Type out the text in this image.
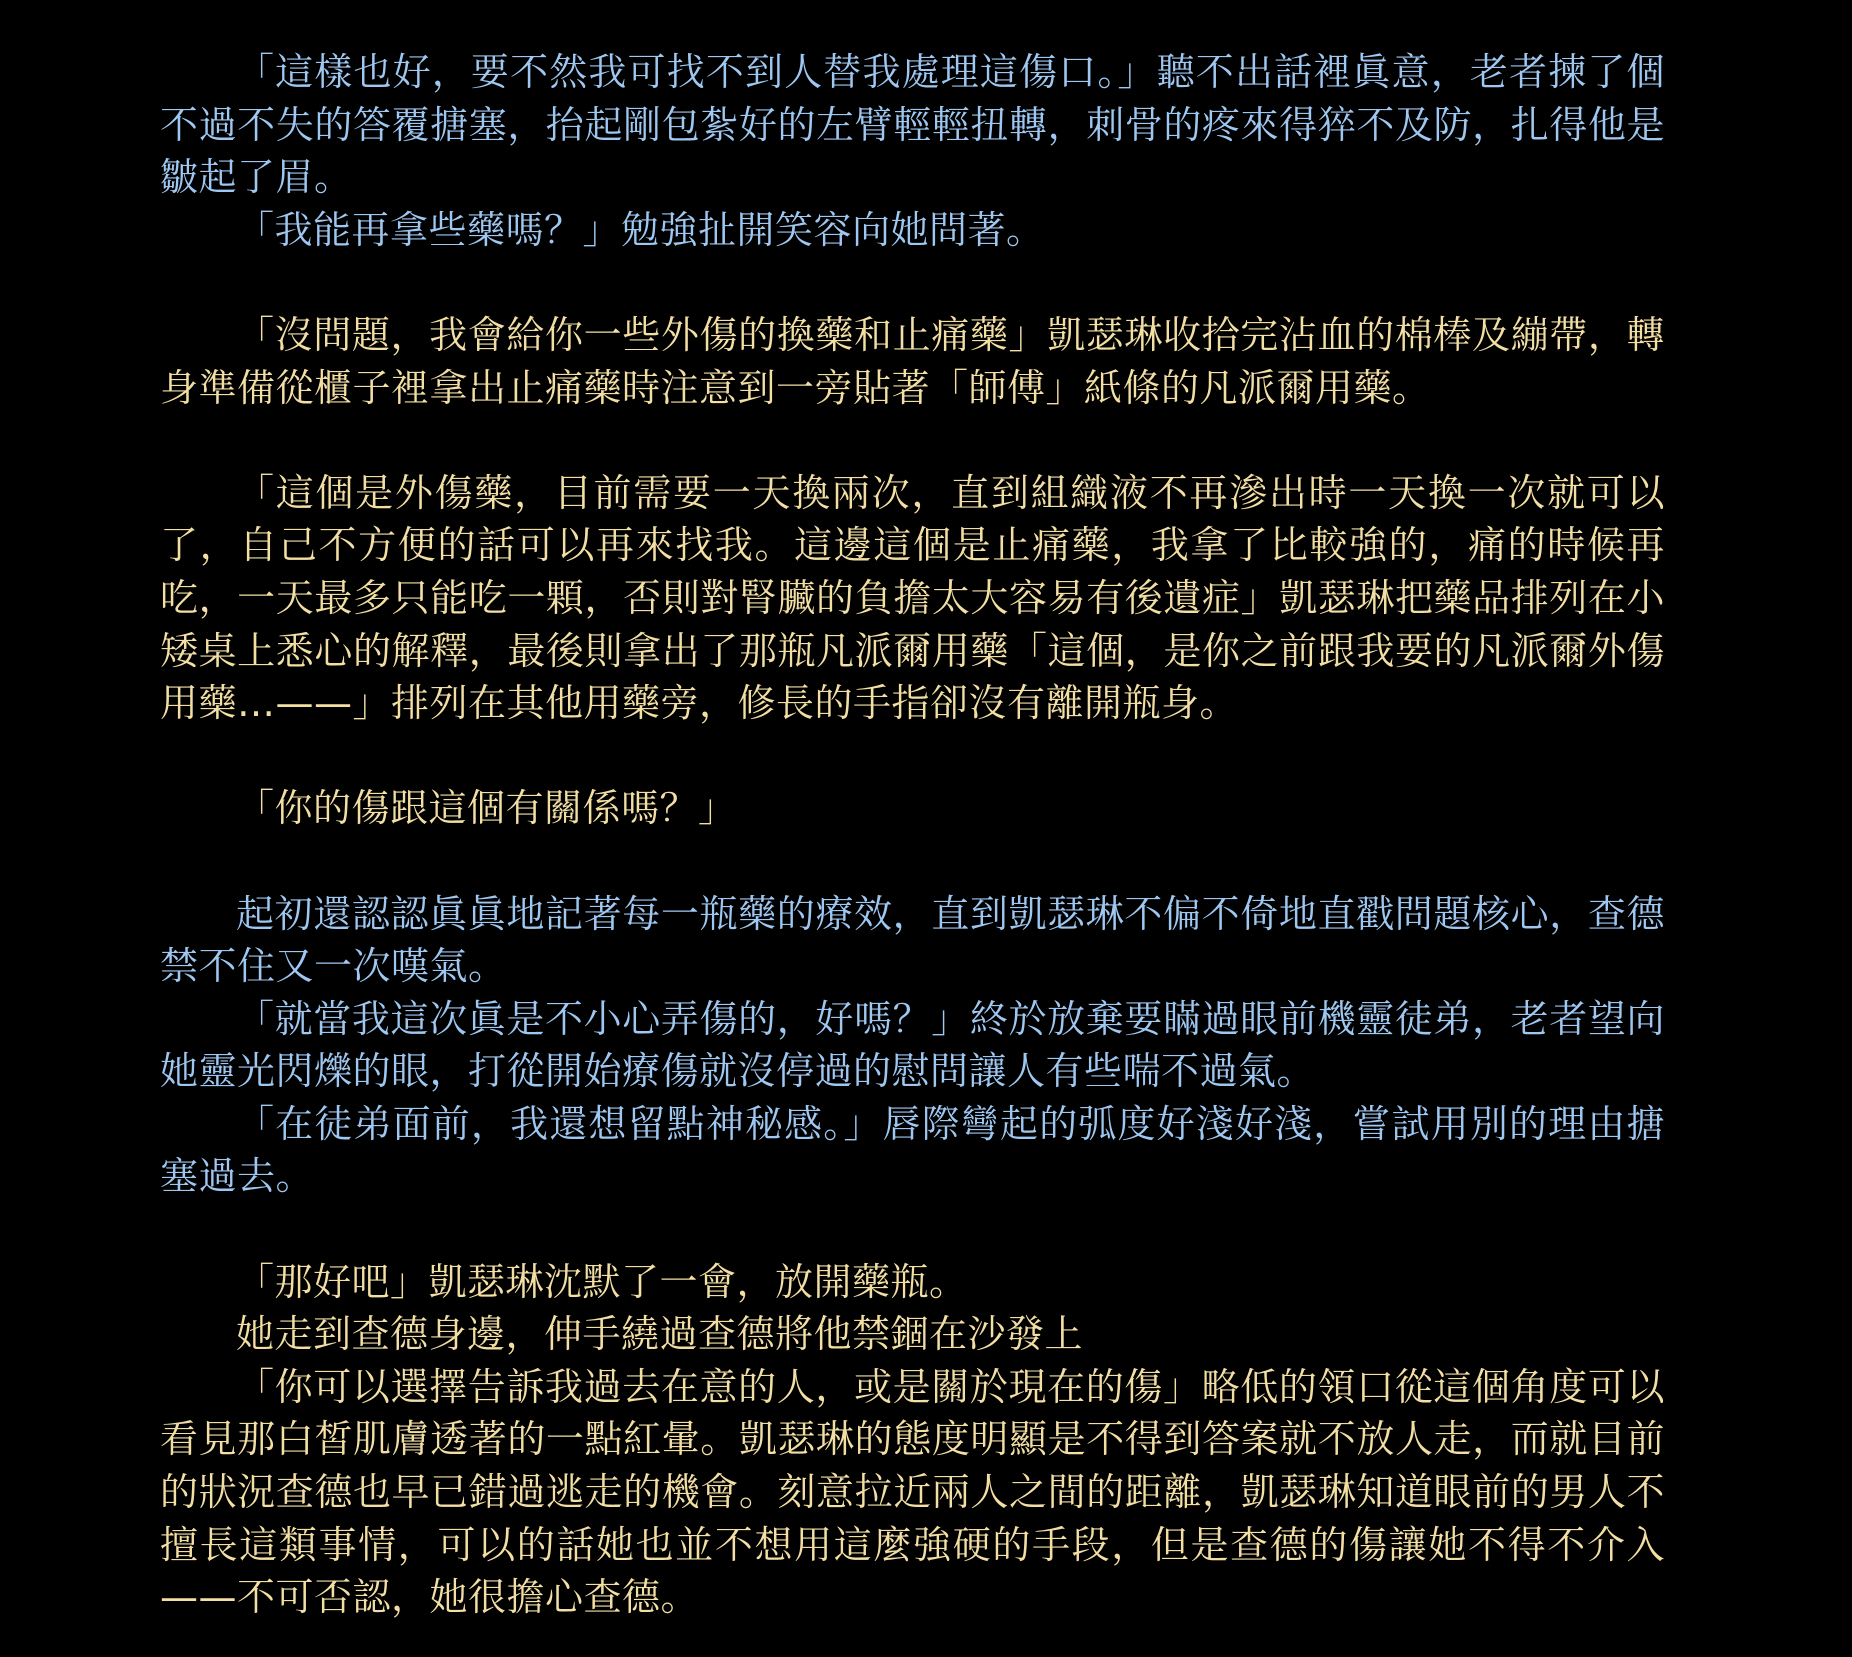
「這樣也好，要不然我可找不到人替我處理這傷口。」聽不出話裡眞意，老者揀了個不過不失的答覆搪塞，抬起剛包紮好的左臂輕輕扭轉，刺骨的疼來得猝不及防，扎得他是皺起了眉。

「我能再拿些藥嗎？」勉強扯開笑容向她問著。

「沒問題，我會給你一些外傷的換藥和止痛藥」凱瑟琳收拾完沾血的棉棒及繃帶，轉身準備從櫃子裡拿出止痛藥時注意到一旁貼著「師傅」紙條的凡派爾用藥。

「這個是外傷藥，目前需要一天換兩次，直到組織液不再滲出時一天換一次就可以了，自己不方便的話可以再來找我。這邊這個是止痛藥，我拿了比較強的，痛的時候再吃，一天最多只能吃一顆，否則對腎臟的負擔太大容易有後遺症」凱瑟琳把藥品排列在小矮桌上悉心的解釋，最後則拿出了那瓶凡派爾用藥「這個，是你之前跟我要的凡派爾外傷用藥…——」排列在其他用藥旁，修長的手指卻沒有離開瓶身。

「你的傷跟這個有關係嗎？」

起初還認認眞眞地記著每一瓶藥的療效，直到凱瑟琳不偏不倚地直戳問題核心，查德禁不住又一次嘆氣。

「就當我這次眞是不小心弄傷的，好嗎？」終於放棄要瞞過眼前機靈徒弟，老者望向她靈光閃爍的眼，打從開始療傷就沒停過的慰問讓人有些喘不過氣。

「在徒弟面前，我還想留點神秘感。」唇際彎起的弧度好淺好淺，嘗試用別的理由搪塞過去。

「那好吧」凱瑟琳沈默了一會，放開藥瓶。

她走到查德身邊，伸手繞過查德將他禁錮在沙發上

「你可以選擇告訴我過去在意的人，或是關於現在的傷」略低的領口從這個角度可以看見那白皙肌膚透著的一點紅暈。凱瑟琳的態度明顯是不得到答案就不放人走，而就目前的狀況查德也早已錯過逃走的機會。刻意拉近兩人之間的距離，凱瑟琳知道眼前的男人不擅長這類事情，可以的話她也並不想用這麼強硬的手段，但是查德的傷讓她不得不介入——不可否認，她很擔心查德。
